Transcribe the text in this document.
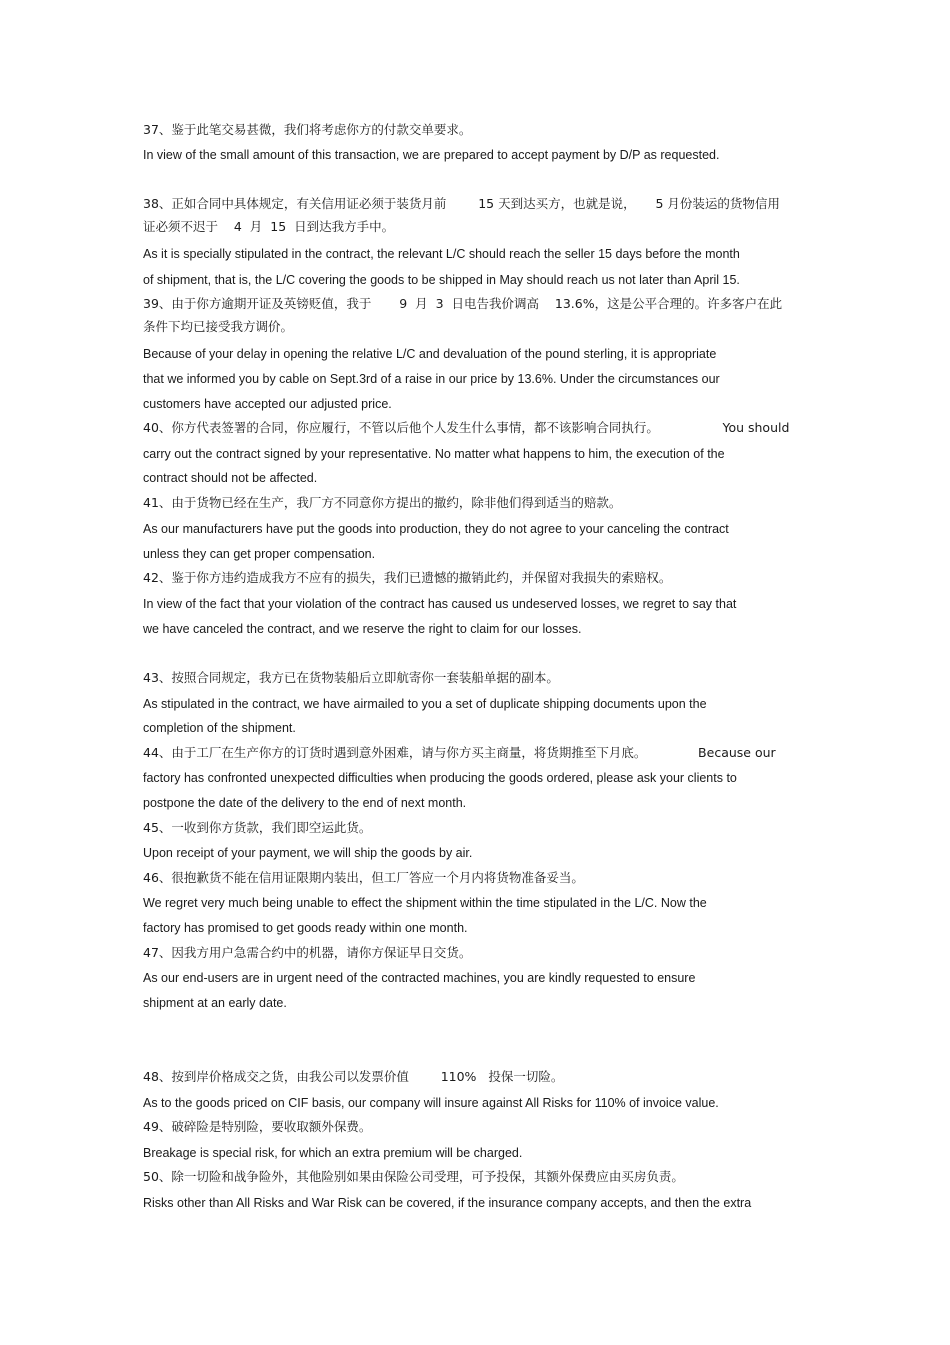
37、鉴于此笔交易甚微，我们将考虑你方的付款交单要求。
In view of the small amount of this transaction, we are prepared to accept payment by D/P as requested.
38、正如合同中具体规定，有关信用证必须于装货月前        15 天到达买方，也就是说，     5 月份装运的货物信用
证必须不迟于    4  月  15  日到达我方手中。
As it is specially stipulated in the contract, the relevant L/C should reach the seller 15 days before the month
of shipment, that is, the L/C covering the goods to be shipped in May should reach us not later than April 15.
39、由于你方逾期开证及英镑贬值，我于       9  月  3  日电告我价调高    13.6%，这是公平合理的。许多客户在此
条件下均已接受我方调价。
Because of your delay in opening the relative L/C and devaluation of the pound sterling, it is appropriate
that we informed you by cable on Sept.3rd of a raise in our price by 13.6%. Under the circumstances our
customers have accepted our adjusted price.
40、你方代表签署的合同，你应履行，不管以后他个人发生什么事情，都不该影响合同执行。                You should
carry out the contract signed by your representative. No matter what happens to him, the execution of the
contract should not be affected.
41、由于货物已经在生产，我厂方不同意你方提出的撤约，除非他们得到适当的赔款。
As our manufacturers have put the goods into production, they do not agree to your canceling the contract
unless they can get proper compensation.
42、鉴于你方违约造成我方不应有的损失，我们已遗憾的撤销此约，并保留对我损失的索赔权。
In view of the fact that your violation of the contract has caused us undeserved losses, we regret to say that
we have canceled the contract, and we reserve the right to claim for our losses.
43、按照合同规定，我方已在货物装船后立即航寄你一套装船单据的副本。
As stipulated in the contract, we have airmailed to you a set of duplicate shipping documents upon the
completion of the shipment.
44、由于工厂在生产你方的订货时遇到意外困难，请与你方买主商量，将货期推至下月底。             Because our
factory has confronted unexpected difficulties when producing the goods ordered, please ask your clients to
postpone the date of the delivery to the end of next month.
45、一收到你方货款，我们即空运此货。
Upon receipt of your payment, we will ship the goods by air.
46、很抱歉货不能在信用证限期内装出，但工厂答应一个月内将货物准备妥当。
We regret very much being unable to effect the shipment within the time stipulated in the L/C. Now the
factory has promised to get goods ready within one month.
47、因我方用户急需合约中的机器，请你方保证早日交货。
As our end-users are in urgent need of the contracted machines, you are kindly requested to ensure
shipment at an early date.
48、按到岸价格成交之货，由我公司以发票价值        110%   投保一切险。
As to the goods priced on CIF basis, our company will insure against All Risks for 110% of invoice value.
49、破碎险是特别险，要收取额外保费。
Breakage is special risk, for which an extra premium will be charged.
50、除一切险和战争险外，其他险别如果由保险公司受理，可予投保，其额外保费应由买房负责。
Risks other than All Risks and War Risk can be covered, if the insurance company accepts, and then the extra
